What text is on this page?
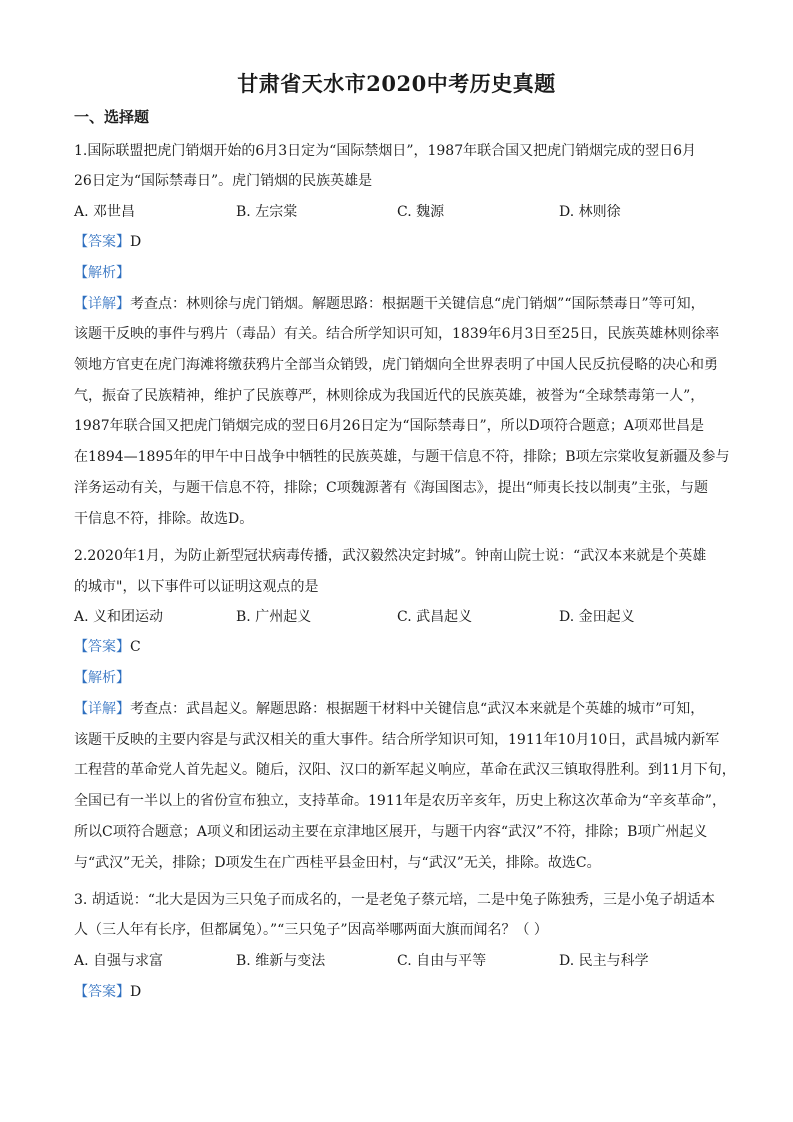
甘肃省天水市2020中考历史真题
一、选择题
1.国际联盟把虎门销烟开始的6月3日定为“国际禁烟日”，1987年联合国又把虎门销烟完成的翌日6月
26日定为“国际禁毒日”。虎门销烟的民族英雄是
A. 邓世昌	B. 左宗棠	C. 魏源	D. 林则徐
【答案】D
【解析】
【详解】考查点：林则徐与虎门销烟。解题思路：根据题干关键信息“虎门销烟”“国际禁毒日”等可知，
该题干反映的事件与鸦片（毒品）有关。结合所学知识可知，1839年6月3日至25日，民族英雄林则徐率
领地方官吏在虎门海滩将缴获鸦片全部当众销毁，虎门销烟向全世界表明了中国人民反抗侵略的决心和勇
气，振奋了民族精神，维护了民族尊严，林则徐成为我国近代的民族英雄，被誉为“全球禁毒第一人”，
1987年联合国又把虎门销烟完成的翌日6月26日定为“国际禁毒日”，所以D项符合题意；A项邓世昌是
在1894—1895年的甲午中日战争中牺牲的民族英雄，与题干信息不符，排除；B项左宗棠收复新疆及参与
洋务运动有关，与题干信息不符，排除；C项魏源著有《海国图志》，提出“师夷长技以制夷”主张，与题
干信息不符，排除。故选D。
2.2020年1月，为防止新型冠状病毒传播，武汉毅然决定封城”。钟南山院士说：“武汉本来就是个英雄
的城市"，以下事件可以证明这观点的是
A. 义和团运动	B. 广州起义	C. 武昌起义	D. 金田起义
【答案】C
【解析】
【详解】考查点：武昌起义。解题思路：根据题干材料中关键信息“武汉本来就是个英雄的城市”可知，
该题干反映的主要内容是与武汉相关的重大事件。结合所学知识可知，1911年10月10日，武昌城内新军
工程营的革命党人首先起义。随后，汉阳、汉口的新军起义响应，革命在武汉三镇取得胜利。到11月下旬，
全国已有一半以上的省份宣布独立，支持革命。1911年是农历辛亥年，历史上称这次革命为“辛亥革命”，
所以C项符合题意；A项义和团运动主要在京津地区展开，与题干内容“武汉”不符，排除；B项广州起义
与“武汉”无关，排除；D项发生在广西桂平县金田村，与“武汉”无关，排除。故选C。
3. 胡适说：“北大是因为三只兔子而成名的，一是老兔子蔡元培，二是中兔子陈独秀，三是小兔子胡适本
人（三人年有长序，但都属兔）。”“三只兔子”因高举哪两面大旗而闻名？（ ）
A. 自强与求富	B. 维新与变法	C. 自由与平等	D. 民主与科学
【答案】D
